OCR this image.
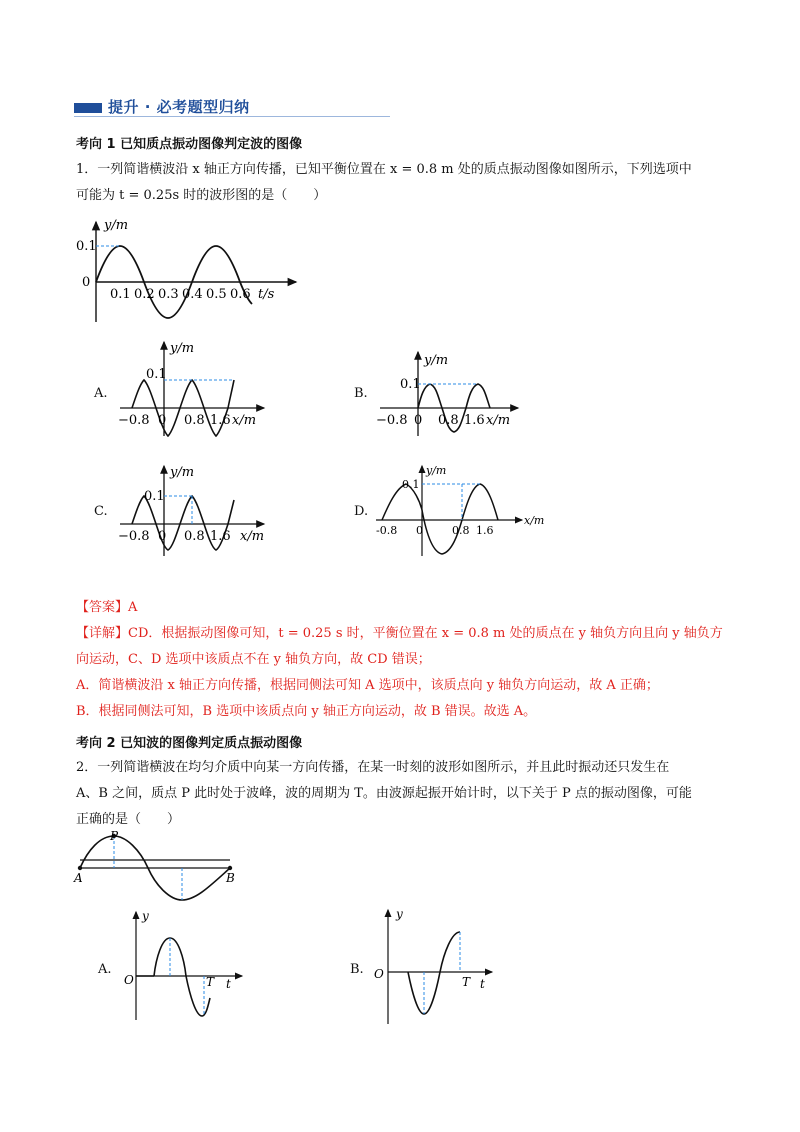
提升 · 必考题型归纳
考向 1 已知质点振动图像判定波的图像
1．一列简谐横波沿 x 轴正方向传播，已知平衡位置在 x = 0.8 m 处的质点振动图像如图所示，下列选项中
可能为 t = 0.25s 时的波形图的是（　　）
y/m
0.1
0
0.1 0.2 0.3 0.4 0.5 0.6 t/s
A.
y/m
0.1
−0.8 0 0.8 1.6 x/m
B.
y/m
0.1
−0.8 0 0.8 1.6 x/m
C.
y/m
0.1
−0.8 0 0.8 1.6 x/m
D.
y/m
0.1
-0.8 0	0.8 1.6
x/m
【答案】A
【详解】CD．根据振动图像可知，t = 0.25 s 时，平衡位置在 x = 0.8 m 处的质点在 y 轴负方向且向 y 轴负方
向运动，C、D 选项中该质点不在 y 轴负方向，故 CD 错误；
A．简谐横波沿 x 轴正方向传播，根据同侧法可知 A 选项中，该质点向 y 轴负方向运动，故 A 正确；
B．根据同侧法可知，B 选项中该质点向 y 轴正方向运动，故 B 错误。故选 A。
考向 2 已知波的图像判定质点振动图像
2．一列简谐横波在均匀介质中向某一方向传播，在某一时刻的波形如图所示，并且此时振动还只发生在
A、B 之间，质点 P 此时处于波峰，波的周期为 T。由波源起振开始计时，以下关于 P 点的振动图像，可能
正确的是（　　）
P
A	B
A.
y
O	T t
B.
y
O
T t
